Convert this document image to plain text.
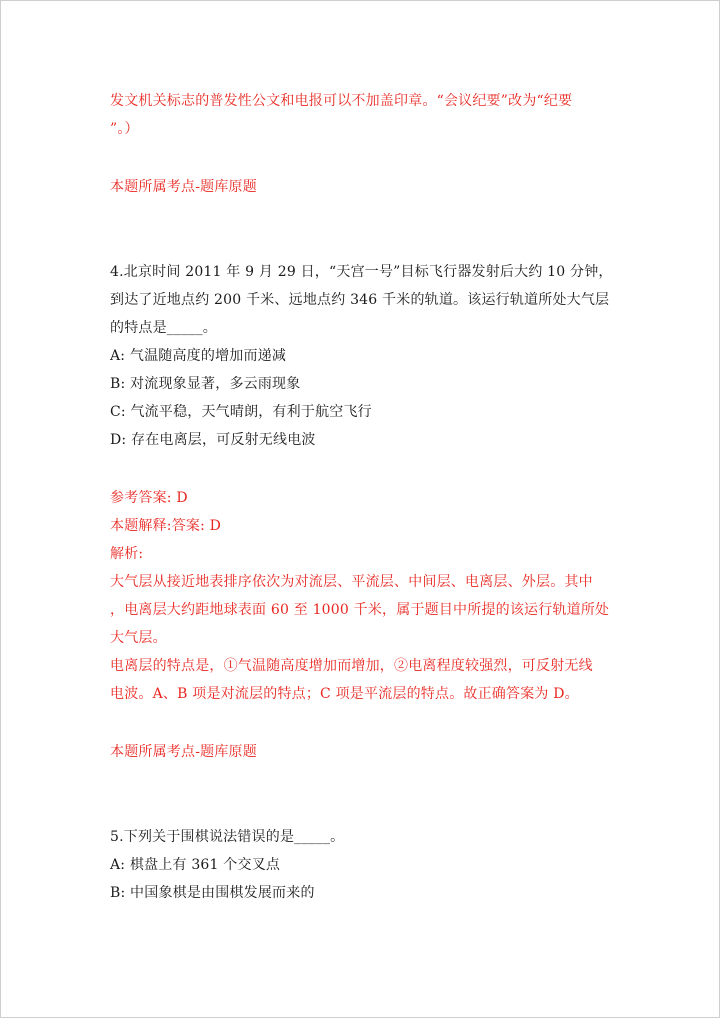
发文机关标志的普发性公文和电报可以不加盖印章。“会议纪要”改为“纪要
”。）
本题所属考点-题库原题
4.北京时间 2011 年 9 月 29 日，“天宫一号”目标飞行器发射后大约 10 分钟，
到达了近地点约 200 千米、远地点约 346 千米的轨道。该运行轨道所处大气层
的特点是_____。
A: 气温随高度的增加而递减
B: 对流现象显著，多云雨现象
C: 气流平稳，天气晴朗，有利于航空飞行
D: 存在电离层，可反射无线电波
参考答案: D
本题解释:答案: D
解析:
大气层从接近地表排序依次为对流层、平流层、中间层、电离层、外层。其中
，电离层大约距地球表面 60 至 1000 千米，属于题目中所提的该运行轨道所处
大气层。
电离层的特点是，①气温随高度增加而增加，②电离程度较强烈，可反射无线
电波。A、B 项是对流层的特点；C 项是平流层的特点。故正确答案为 D。
本题所属考点-题库原题
5.下列关于围棋说法错误的是_____。
A: 棋盘上有 361 个交叉点
B: 中国象棋是由围棋发展而来的
